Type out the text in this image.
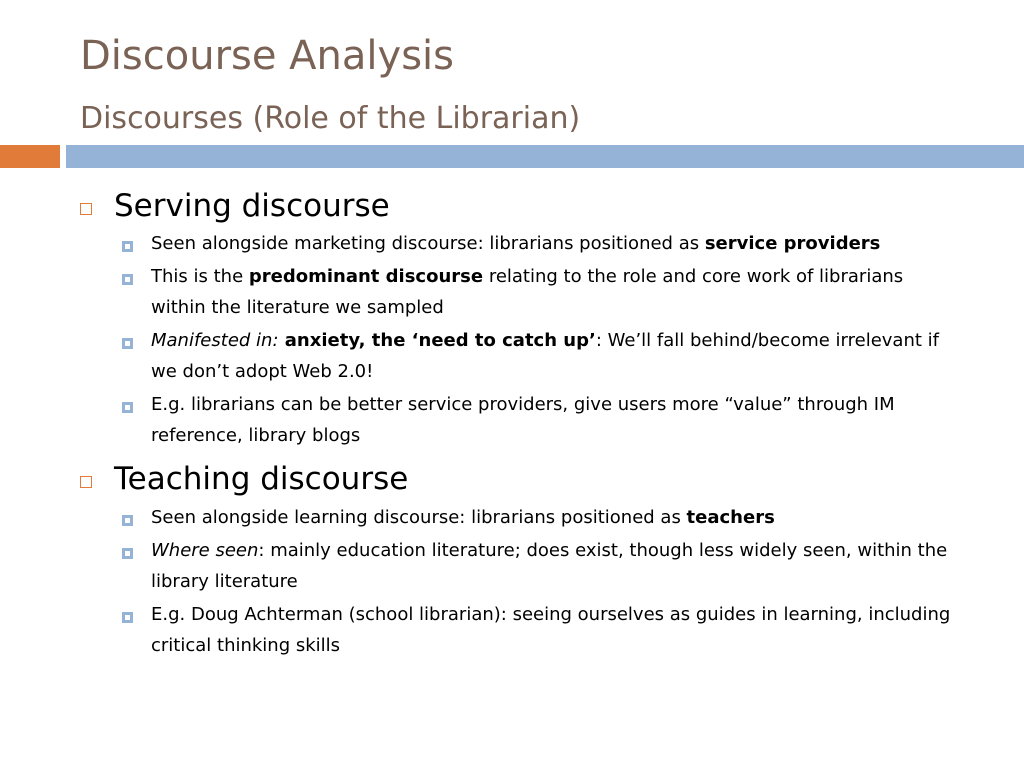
Discourse Analysis
Discourses (Role of the Librarian)
Serving discourse
Seen alongside marketing discourse: librarians positioned as service providers
This is the predominant discourse relating to the role and core work of librarians within the literature we sampled
Manifested in: anxiety, the ‘need to catch up’: We’ll fall behind/become irrelevant if we don’t adopt Web 2.0!
E.g. librarians can be better service providers, give users more “value” through IM reference, library blogs
Teaching discourse
Seen alongside learning discourse: librarians positioned as teachers
Where seen: mainly education literature; does exist, though less widely seen, within the library literature
E.g. Doug Achterman (school librarian): seeing ourselves as guides in learning, including critical thinking skills
